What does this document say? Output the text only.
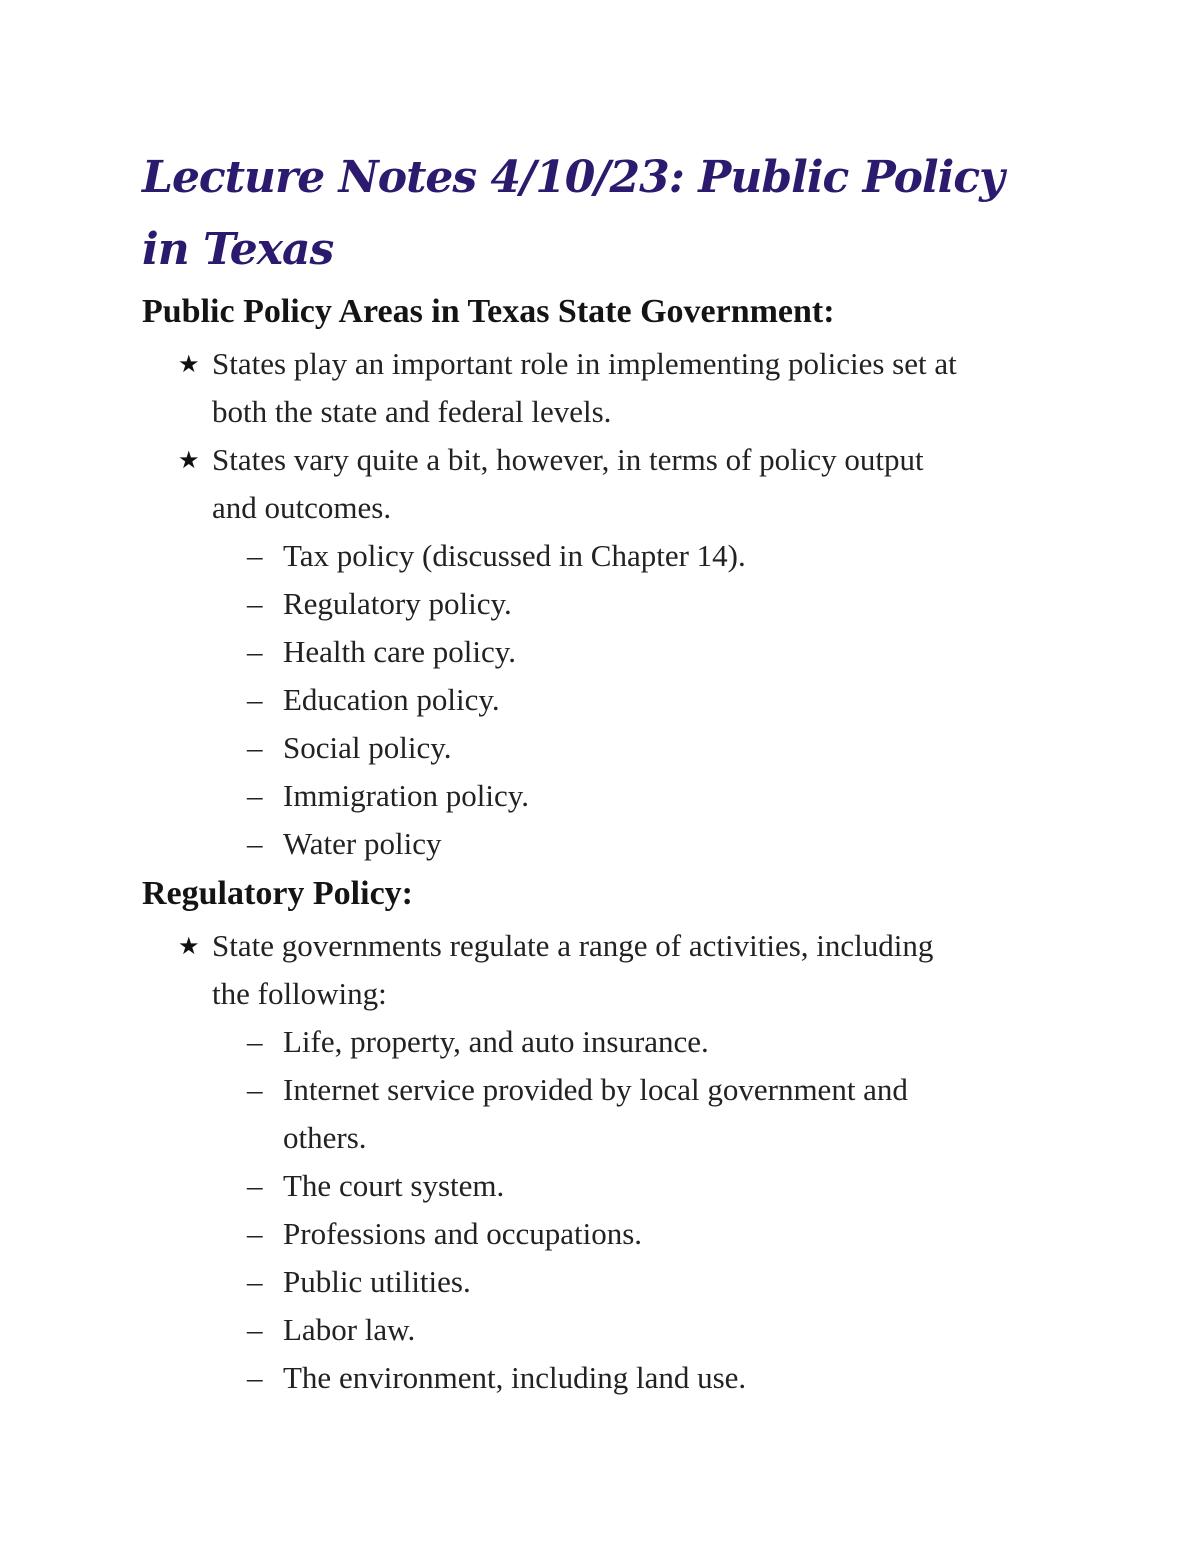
Lecture Notes 4/10/23: Public Policy in Texas
Public Policy Areas in Texas State Government:
★ States play an important role in implementing policies set at
both the state and federal levels.
★ States vary quite a bit, however, in terms of policy output
and outcomes.
– Tax policy (discussed in Chapter 14).
– Regulatory policy.
– Health care policy.
– Education policy.
– Social policy.
– Immigration policy.
– Water policy
Regulatory Policy:
★ State governments regulate a range of activities, including
the following:
– Life, property, and auto insurance.
– Internet service provided by local government and
others.
– The court system.
– Professions and occupations.
– Public utilities.
– Labor law.
– The environment, including land use.
